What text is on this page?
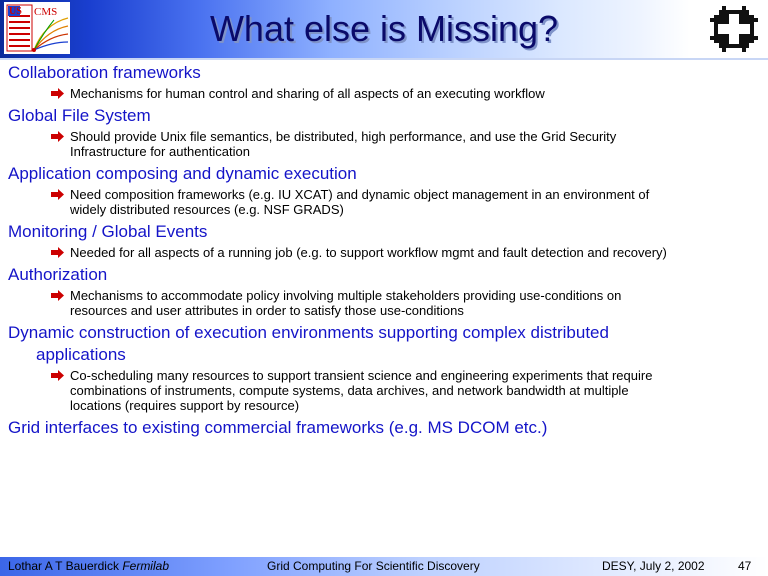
US CMS	What else is Missing?
Collaboration frameworks
Mechanisms for human control and sharing of all aspects of an executing workflow
Global File System
Should provide Unix file semantics, be distributed, high performance, and use the Grid Security
Infrastructure for authentication
Application composing and dynamic execution
Need composition frameworks (e.g. IU XCAT) and dynamic object management in an environment of
widely distributed resources (e.g. NSF GRADS)
Monitoring / Global Events
Needed for all aspects of a running job (e.g. to support workflow mgmt and fault detection and recovery)
Authorization
Mechanisms to accommodate policy involving multiple stakeholders providing use-conditions on
resources and user attributes in order to satisfy those use-conditions
Dynamic construction of execution environments supporting complex distributed
applications
Co-scheduling many resources to support transient science and engineering experiments that require
combinations of instruments, compute systems, data archives, and network bandwidth at multiple
locations (requires support by resource)
Grid interfaces to existing commercial frameworks (e.g. MS DCOM etc.)
Lothar A T Bauerdick Fermilab	Grid Computing For Scientific Discovery	DESY, July 2, 2002	47
